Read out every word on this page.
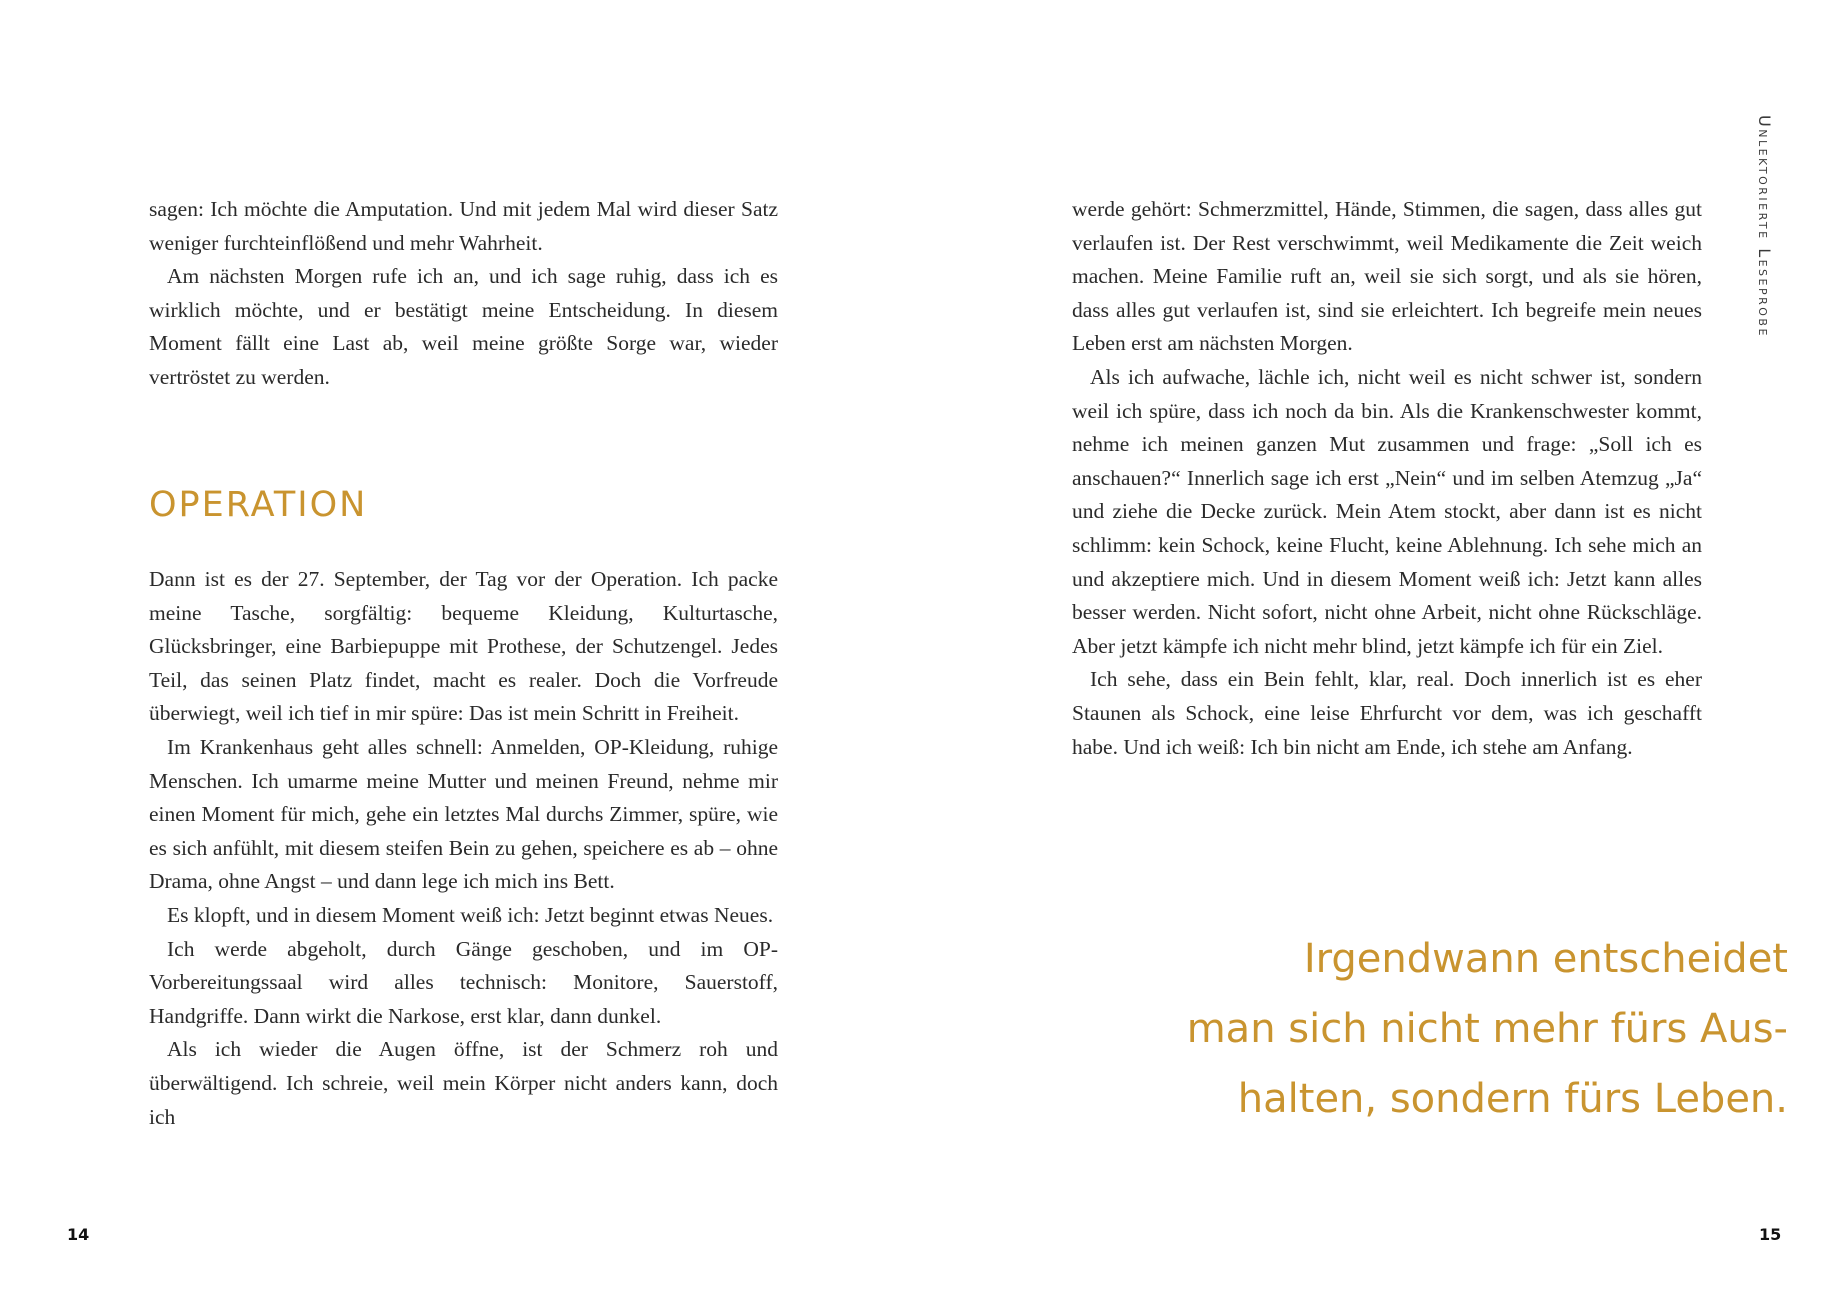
sagen: Ich möchte die Amputation. Und mit jedem Mal wird dieser Satz weniger furchteinflößend und mehr Wahrheit.

Am nächsten Morgen rufe ich an, und ich sage ruhig, dass ich es wirklich möchte, und er bestätigt meine Entscheidung. In diesem Moment fällt eine Last ab, weil meine größte Sorge war, wieder vertröstet zu werden.

OPERATION

Dann ist es der 27. September, der Tag vor der Operation. Ich packe meine Tasche, sorgfältig: bequeme Kleidung, Kulturtasche, Glücksbringer, eine Barbiepuppe mit Prothese, der Schutzengel. Jedes Teil, das seinen Platz findet, macht es realer. Doch die Vorfreude überwiegt, weil ich tief in mir spüre: Das ist mein Schritt in Freiheit.

Im Krankenhaus geht alles schnell: Anmelden, OP-Kleidung, ruhige Menschen. Ich umarme meine Mutter und meinen Freund, nehme mir einen Moment für mich, gehe ein letztes Mal durchs Zimmer, spüre, wie es sich anfühlt, mit diesem steifen Bein zu gehen, speichere es ab – ohne Drama, ohne Angst – und dann lege ich mich ins Bett.

Es klopft, und in diesem Moment weiß ich: Jetzt beginnt etwas Neues.

Ich werde abgeholt, durch Gänge geschoben, und im OP-Vorbereitungssaal wird alles technisch: Monitore, Sauerstoff, Handgriffe. Dann wirkt die Narkose, erst klar, dann dunkel.

Als ich wieder die Augen öffne, ist der Schmerz roh und überwältigend. Ich schreie, weil mein Körper nicht anders kann, doch ich

14

werde gehört: Schmerzmittel, Hände, Stimmen, die sagen, dass alles gut verlaufen ist. Der Rest verschwimmt, weil Medikamente die Zeit weich machen. Meine Familie ruft an, weil sie sich sorgt, und als sie hören, dass alles gut verlaufen ist, sind sie erleichtert. Ich begreife mein neues Leben erst am nächsten Morgen.

Als ich aufwache, lächle ich, nicht weil es nicht schwer ist, sondern weil ich spüre, dass ich noch da bin. Als die Krankenschwester kommt, nehme ich meinen ganzen Mut zusammen und frage: „Soll ich es anschauen?“ Innerlich sage ich erst „Nein“ und im selben Atemzug „Ja“ und ziehe die Decke zurück. Mein Atem stockt, aber dann ist es nicht schlimm: kein Schock, keine Flucht, keine Ablehnung. Ich sehe mich an und akzeptiere mich. Und in diesem Moment weiß ich: Jetzt kann alles besser werden. Nicht sofort, nicht ohne Arbeit, nicht ohne Rückschläge. Aber jetzt kämpfe ich nicht mehr blind, jetzt kämpfe ich für ein Ziel.

Ich sehe, dass ein Bein fehlt, klar, real. Doch innerlich ist es eher Staunen als Schock, eine leise Ehrfurcht vor dem, was ich geschafft habe. Und ich weiß: Ich bin nicht am Ende, ich stehe am Anfang.

Irgendwann entscheidet
man sich nicht mehr fürs Aus-
halten, sondern fürs Leben.
Unlektorierte Leseprobe
15
